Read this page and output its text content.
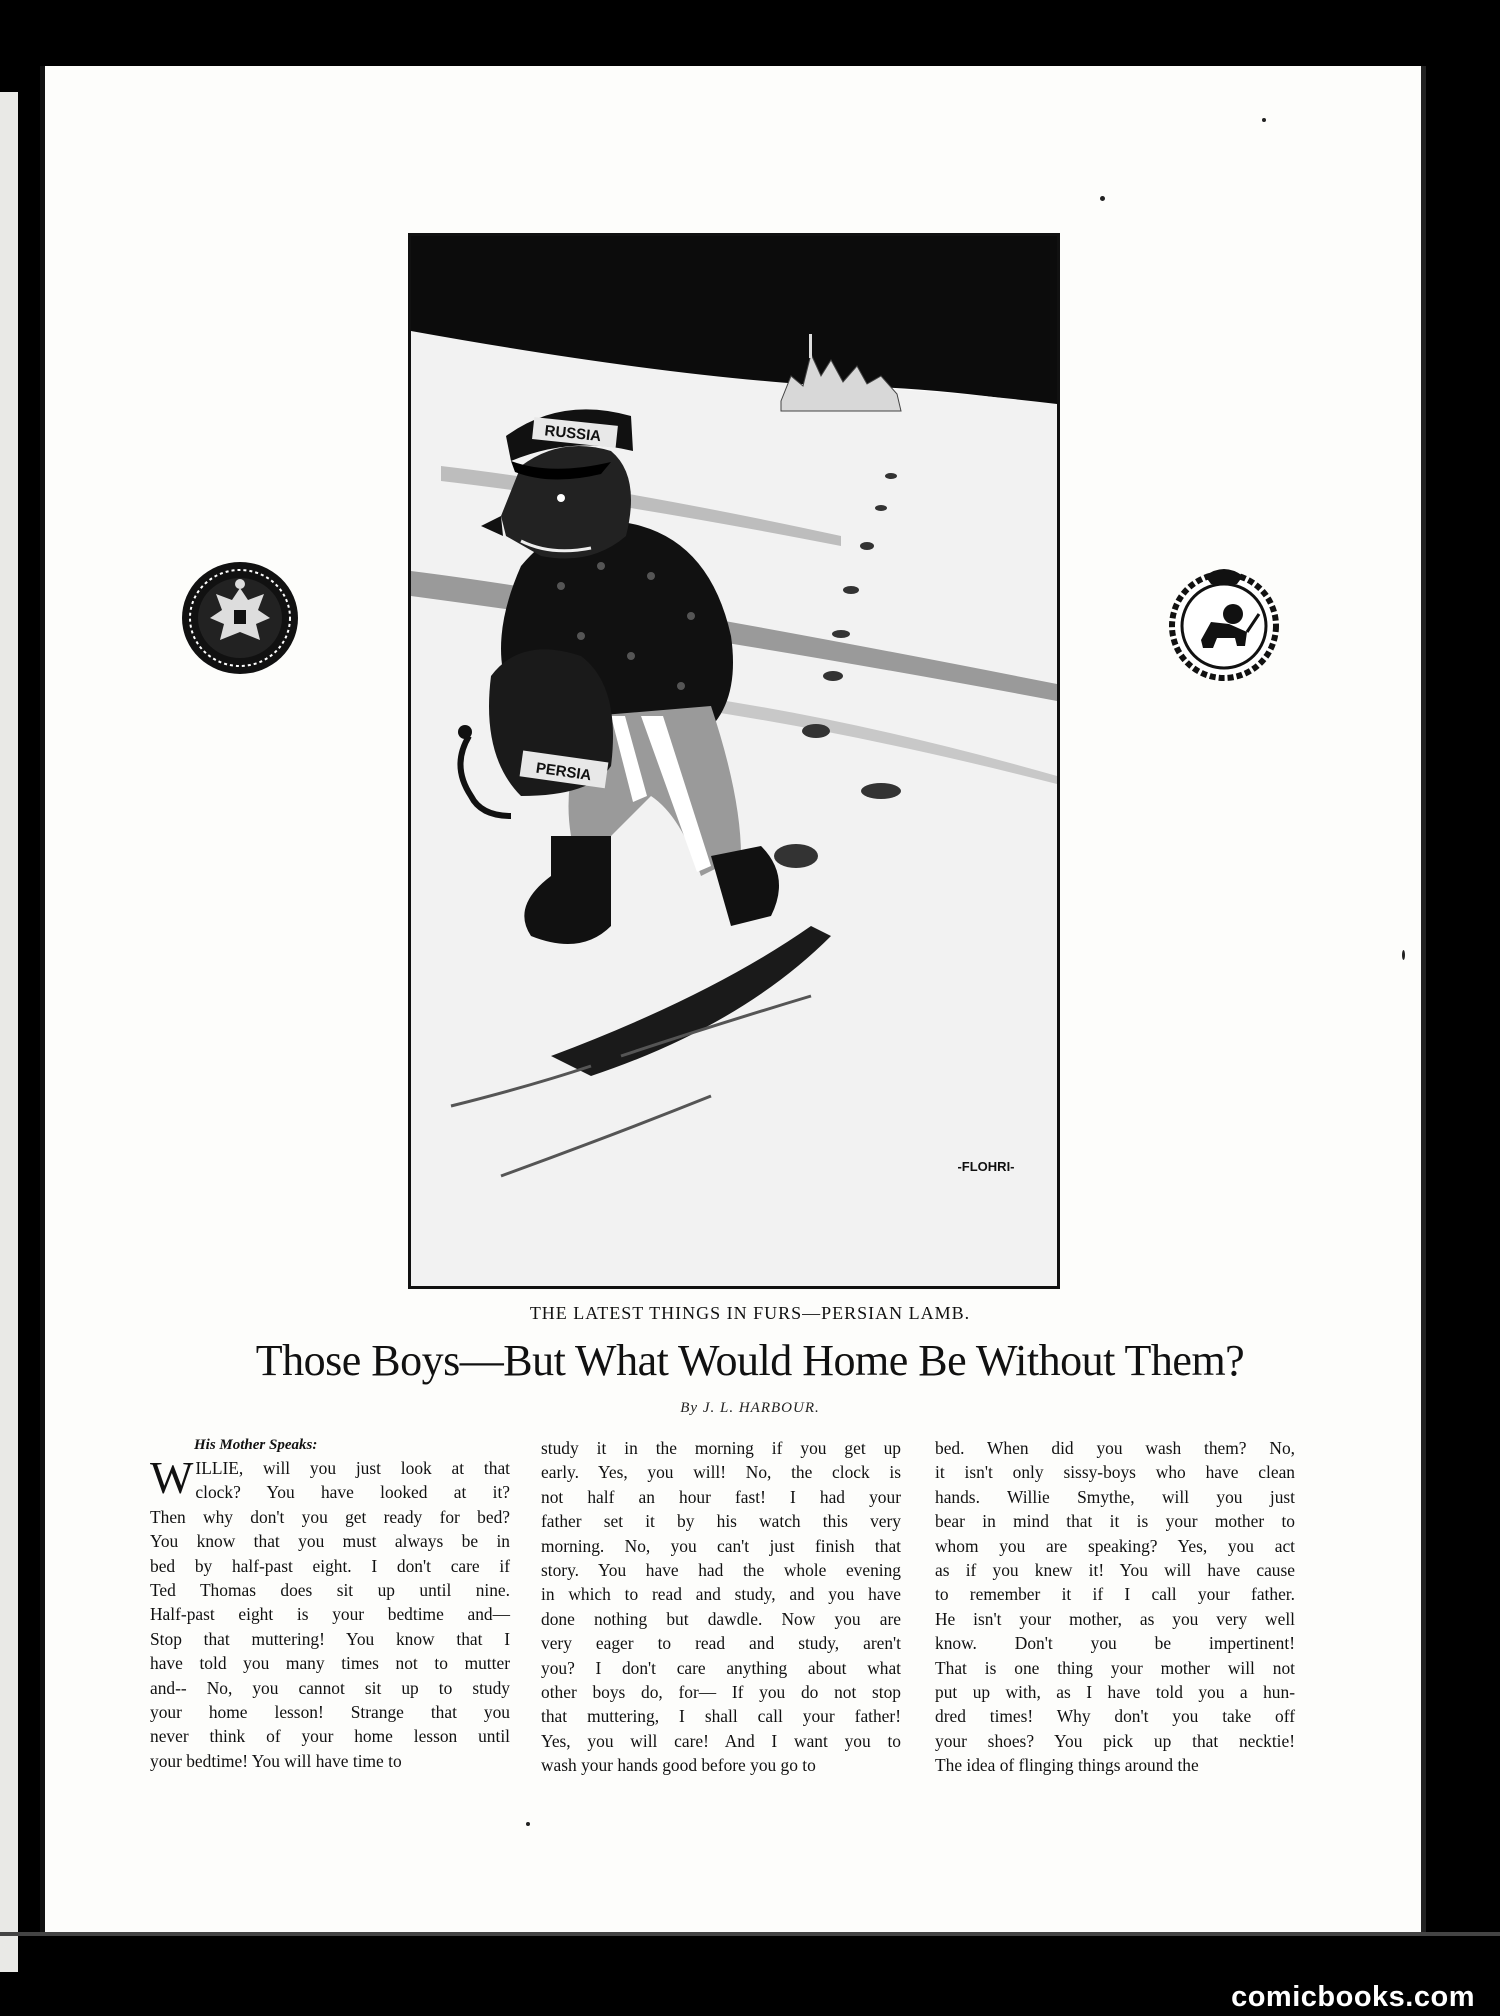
PERSIA
RUSSIA
-FLOHRI-
THE LATEST THINGS IN FURS—PERSIAN LAMB.
Those Boys—But What Would Home Be Without Them?
By J. L. HARBOUR.
His Mother Speaks:
W ILLIE, will you just look at that
clock? You have looked at it?
Then why don't you get ready for bed?
You know that you must always be in
bed by half-past eight. I don't care if
Ted Thomas does sit up until nine.
Half-past eight is your bedtime and—
Stop that muttering! You know that I
have told you many times not to mutter
and-- No, you cannot sit up to study
your home lesson! Strange that you
never think of your home lesson until
your bedtime! You will have time to
study it in the morning if you get up
early. Yes, you will! No, the clock is
not half an hour fast! I had your
father set it by his watch this very
morning. No, you can't just finish that
story. You have had the whole evening
in which to read and study, and you have
done nothing but dawdle. Now you are
very eager to read and study, aren't
you? I don't care anything about what
other boys do, for— If you do not stop
that muttering, I shall call your father!
Yes, you will care! And I want you to
wash your hands good before you go to
bed. When did you wash them? No,
it isn't only sissy-boys who have clean
hands. Willie Smythe, will you just
bear in mind that it is your mother to
whom you are speaking? Yes, you act
as if you knew it! You will have cause
to remember it if I call your father.
He isn't your mother, as you very well
know. Don't you be impertinent!
That is one thing your mother will not
put up with, as I have told you a hun-
dred times! Why don't you take off
your shoes? You pick up that necktie!
The idea of flinging things around the
comicbooks.com
